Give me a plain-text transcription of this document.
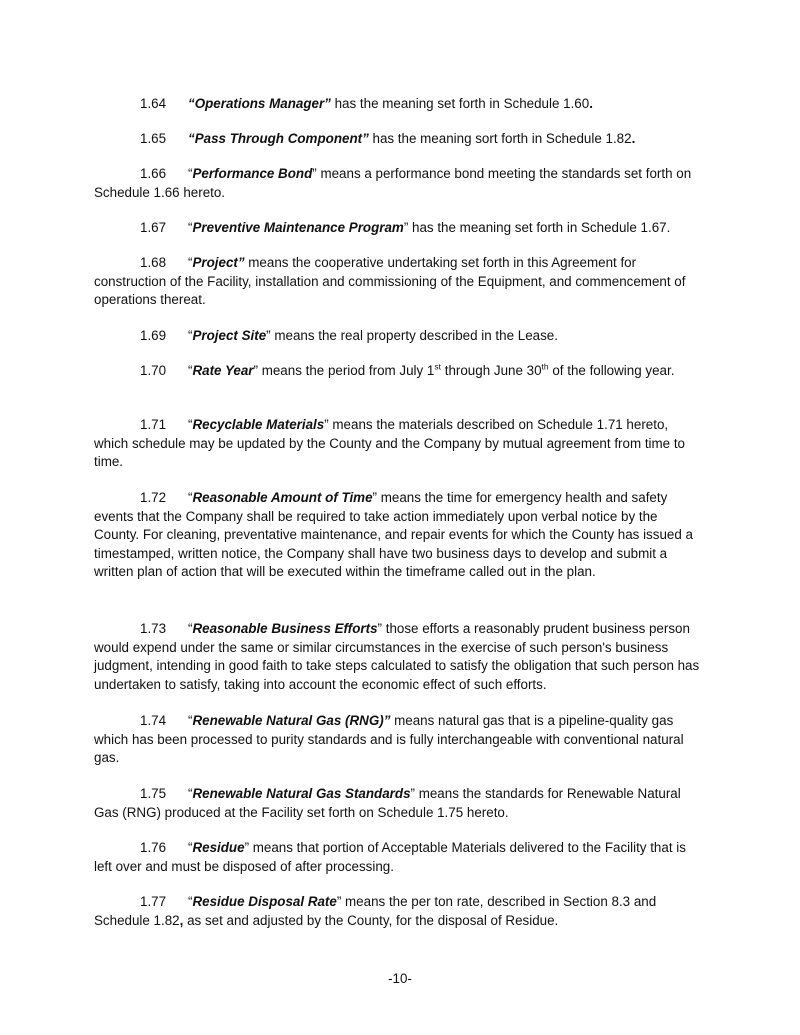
1.64 “Operations Manager” has the meaning set forth in Schedule 1.60.

1.65 “Pass Through Component” has the meaning sort forth in Schedule 1.82.

1.66 “Performance Bond” means a performance bond meeting the standards set forth on Schedule 1.66 hereto.

1.67 “Preventive Maintenance Program” has the meaning set forth in Schedule 1.67.

1.68 “Project” means the cooperative undertaking set forth in this Agreement for construction of the Facility, installation and commissioning of the Equipment, and commencement of operations thereat.

1.69 “Project Site” means the real property described in the Lease.

1.70 “Rate Year” means the period from July 1st through June 30th of the following year.

1.71 “Recyclable Materials” means the materials described on Schedule 1.71 hereto, which schedule may be updated by the County and the Company by mutual agreement from time to time.

1.72 “Reasonable Amount of Time” means the time for emergency health and safety events that the Company shall be required to take action immediately upon verbal notice by the County. For cleaning, preventative maintenance, and repair events for which the County has issued a timestamped, written notice, the Company shall have two business days to develop and submit a written plan of action that will be executed within the timeframe called out in the plan.

1.73 “Reasonable Business Efforts” those efforts a reasonably prudent business person would expend under the same or similar circumstances in the exercise of such person's business judgment, intending in good faith to take steps calculated to satisfy the obligation that such person has undertaken to satisfy, taking into account the economic effect of such efforts.

1.74 “Renewable Natural Gas (RNG)” means natural gas that is a pipeline-quality gas which has been processed to purity standards and is fully interchangeable with conventional natural gas.

1.75 “Renewable Natural Gas Standards” means the standards for Renewable Natural Gas (RNG) produced at the Facility set forth on Schedule 1.75 hereto.

1.76 “Residue” means that portion of Acceptable Materials delivered to the Facility that is left over and must be disposed of after processing.

1.77 “Residue Disposal Rate” means the per ton rate, described in Section 8.3 and Schedule 1.82, as set and adjusted by the County, for the disposal of Residue.

-10-
